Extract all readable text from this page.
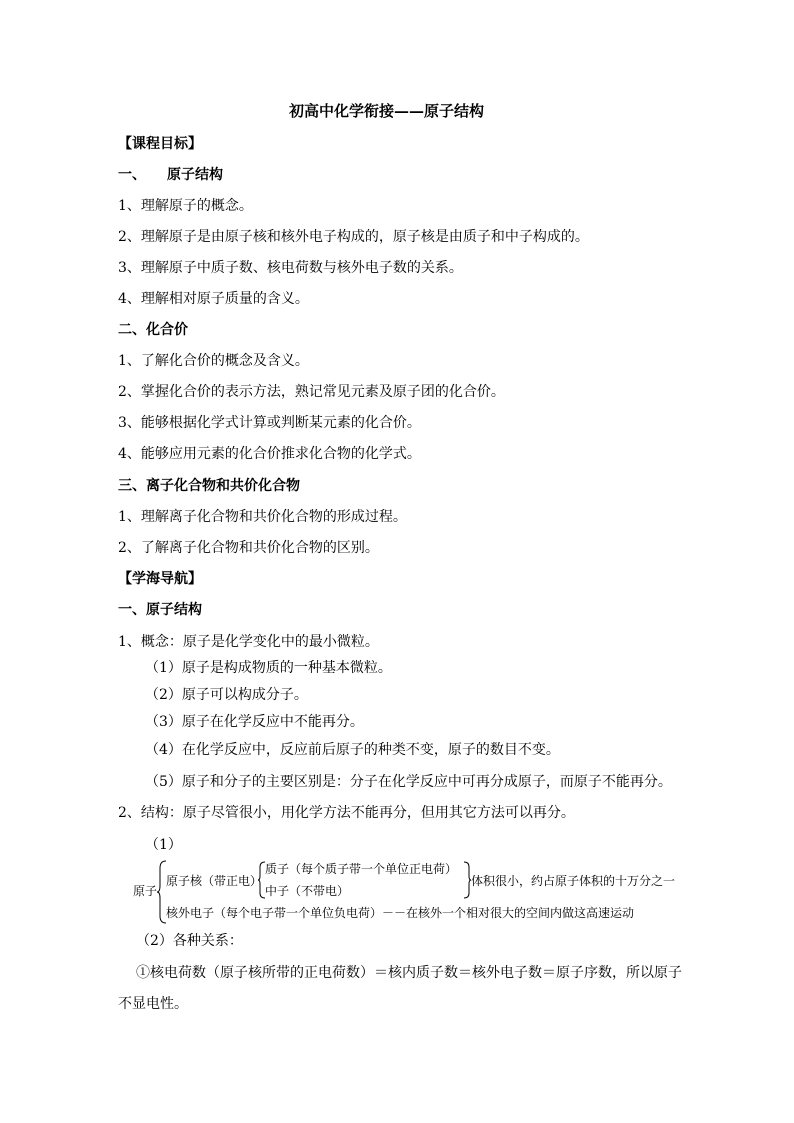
初高中化学衔接——原子结构
【课程目标】
一、　　原子结构
1、理解原子的概念。
2、理解原子是由原子核和核外电子构成的，原子核是由质子和中子构成的。
3、理解原子中质子数、核电荷数与核外电子数的关系。
4、理解相对原子质量的含义。
二、化合价
1、了解化合价的概念及含义。
2、掌握化合价的表示方法，熟记常见元素及原子团的化合价。
3、能够根据化学式计算或判断某元素的化合价。
4、能够应用元素的化合价推求化合物的化学式。
三、离子化合物和共价化合物
1、理解离子化合物和共价化合物的形成过程。
2、了解离子化合物和共价化合物的区别。
【学海导航】
一、原子结构
1、概念：原子是化学变化中的最小微粒。
（1）原子是构成物质的一种基本微粒。
（2）原子可以构成分子。
（3）原子在化学反应中不能再分。
（4）在化学反应中，反应前后原子的种类不变，原子的数目不变。
（5）原子和分子的主要区别是：分子在化学反应中可再分成原子，而原子不能再分。
2、结构：原子尽管很小，用化学方法不能再分，但用其它方法可以再分。
（1）
原子
原子核（带正电）
质子（每个质子带一个单位正电荷）
中子（不带电）
体积很小，约占原子体积的十万分之一
核外电子（每个电子带一个单位负电荷）－－在核外一个相对很大的空间内做这高速运动
（2）各种关系：
①核电荷数（原子核所带的正电荷数）＝核内质子数＝核外电子数＝原子序数，所以原子
不显电性。
